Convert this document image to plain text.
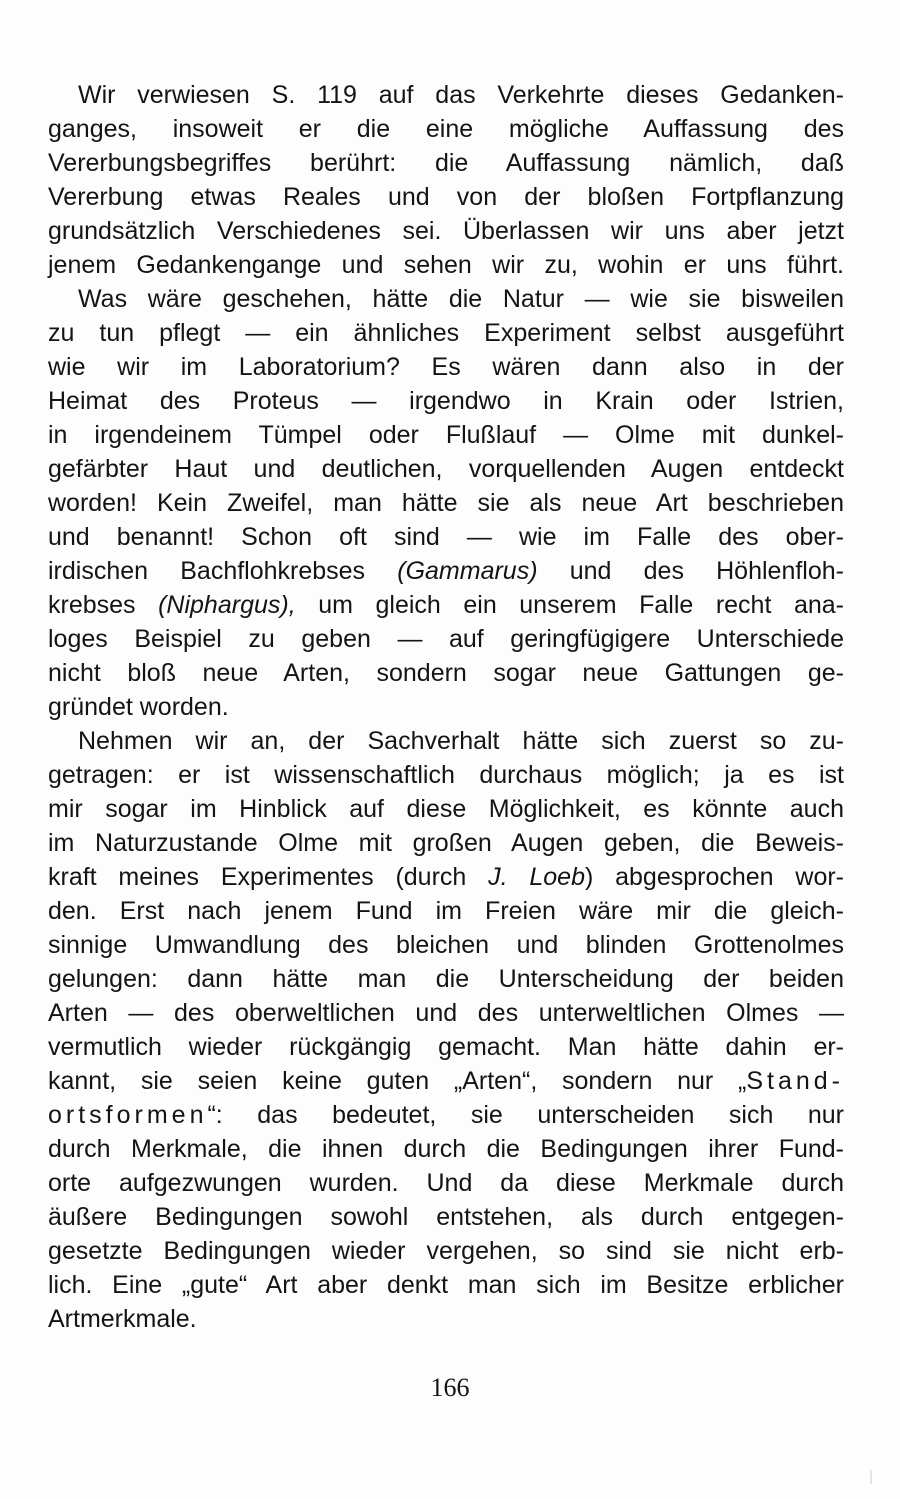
Wir verwiesen S. 119 auf das Verkehrte dieses Gedanken-
ganges, insoweit er die eine mögliche Auffassung des
Vererbungsbegriffes berührt: die Auffassung nämlich, daß
Vererbung etwas Reales und von der bloßen Fortpflanzung
grundsätzlich Verschiedenes sei. Überlassen wir uns aber jetzt
jenem Gedankengange und sehen wir zu, wohin er uns führt.

Was wäre geschehen, hätte die Natur — wie sie bisweilen
zu tun pflegt — ein ähnliches Experiment selbst ausgeführt
wie wir im Laboratorium? Es wären dann also in der
Heimat des Proteus — irgendwo in Krain oder Istrien,
in irgendeinem Tümpel oder Flußlauf — Olme mit dunkel-
gefärbter Haut und deutlichen, vorquellenden Augen entdeckt
worden! Kein Zweifel, man hätte sie als neue Art beschrieben
und benannt! Schon oft sind — wie im Falle des ober-
irdischen Bachflohkrebses (Gammarus) und des Höhlenfloh-
krebses (Niphargus), um gleich ein unserem Falle recht ana-
loges Beispiel zu geben — auf geringfügigere Unterschiede
nicht bloß neue Arten, sondern sogar neue Gattungen ge-
gründet worden.

Nehmen wir an, der Sachverhalt hätte sich zuerst so zu-
getragen: er ist wissenschaftlich durchaus möglich; ja es ist
mir sogar im Hinblick auf diese Möglichkeit, es könnte auch
im Naturzustande Olme mit großen Augen geben, die Beweis-
kraft meines Experimentes (durch J. Loeb) abgesprochen wor-
den. Erst nach jenem Fund im Freien wäre mir die gleich-
sinnige Umwandlung des bleichen und blinden Grottenolmes
gelungen: dann hätte man die Unterscheidung der beiden
Arten — des oberweltlichen und des unterweltlichen Olmes —
vermutlich wieder rückgängig gemacht. Man hätte dahin er-
kannt, sie seien keine guten „Arten“, sondern nur „Stand-
ortsformen“: das bedeutet, sie unterscheiden sich nur
durch Merkmale, die ihnen durch die Bedingungen ihrer Fund-
orte aufgezwungen wurden. Und da diese Merkmale durch
äußere Bedingungen sowohl entstehen, als durch entgegen-
gesetzte Bedingungen wieder vergehen, so sind sie nicht erb-
lich. Eine „gute“ Art aber denkt man sich im Besitze erblicher
Artmerkmale.

166
